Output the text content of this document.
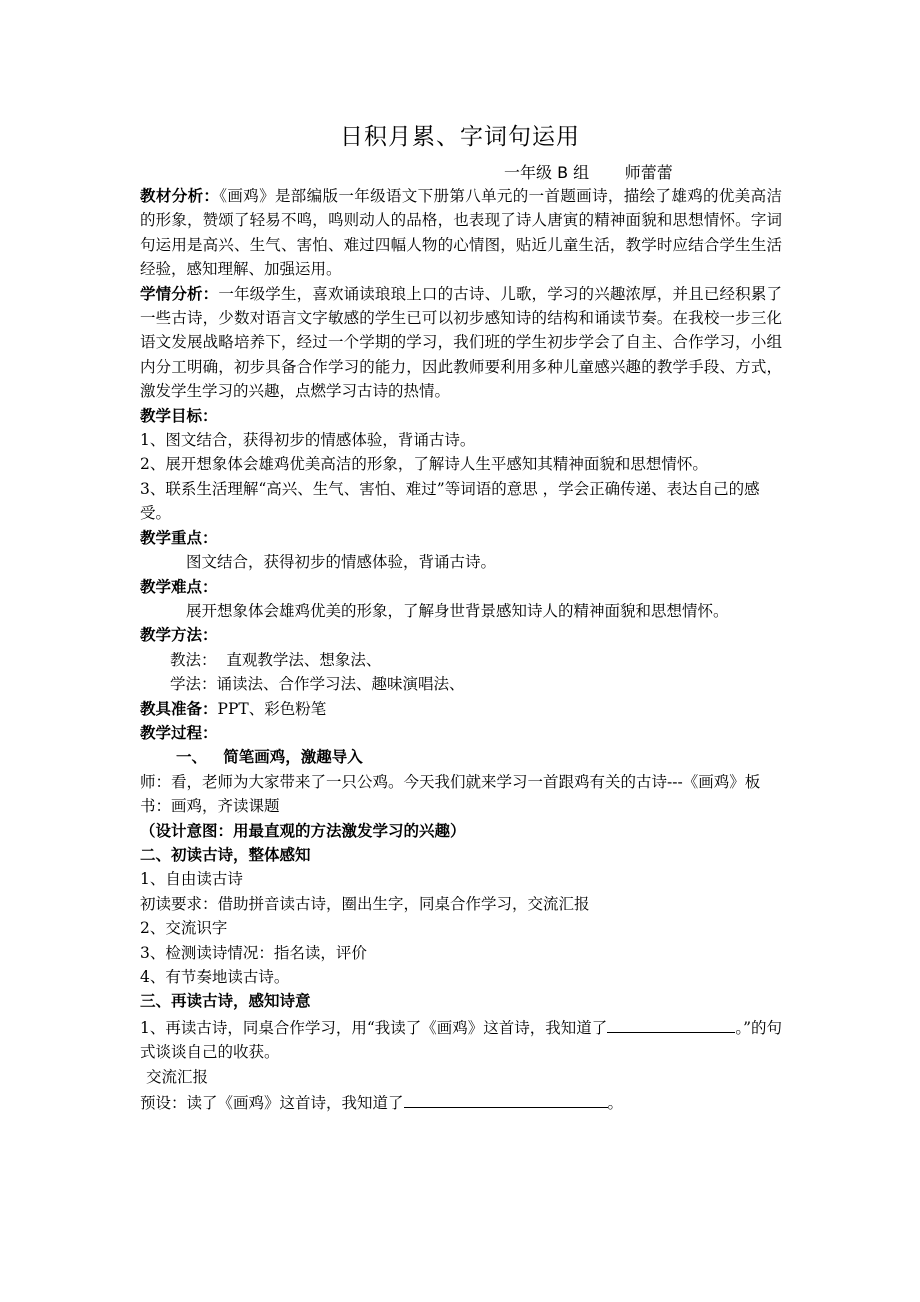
日积月累、字词句运用
一年级 B 组       师蕾蕾

教材分析：《画鸡》是部编版一年级语文下册第八单元的一首题画诗，描绘了雄鸡的优美高洁的形象，赞颂了轻易不鸣，鸣则动人的品格，也表现了诗人唐寅的精神面貌和思想情怀。字词句运用是高兴、生气、害怕、难过四幅人物的心情图，贴近儿童生活，教学时应结合学生生活经验，感知理解、加强运用。

学情分析：一年级学生，喜欢诵读琅琅上口的古诗、儿歌，学习的兴趣浓厚，并且已经积累了一些古诗，少数对语言文字敏感的学生已可以初步感知诗的结构和诵读节奏。在我校一步三化语文发展战略培养下，经过一个学期的学习，我们班的学生初步学会了自主、合作学习，小组内分工明确，初步具备合作学习的能力，因此教师要利用多种儿童感兴趣的教学手段、方式，激发学生学习的兴趣，点燃学习古诗的热情。

教学目标：

1、图文结合，获得初步的情感体验，背诵古诗。

2、展开想象体会雄鸡优美高洁的形象，了解诗人生平感知其精神面貌和思想情怀。

3、联系生活理解“高兴、生气、害怕、难过”等词语的意思 ，学会正确传递、表达自己的感受。

教学重点：

图文结合，获得初步的情感体验，背诵古诗。

教学难点：

展开想象体会雄鸡优美的形象，了解身世背景感知诗人的精神面貌和思想情怀。

教学方法：

教法：  直观教学法、想象法、

学法：诵读法、合作学习法、趣味演唱法、

教具准备：PPT、彩色粉笔

教学过程：

一、   简笔画鸡，激趣导入

师：看，老师为大家带来了一只公鸡。今天我们就来学习一首跟鸡有关的古诗---《画鸡》板书：画鸡，齐读课题

（设计意图：用最直观的方法激发学习的兴趣）

二、初读古诗，整体感知

1、自由读古诗

初读要求：借助拼音读古诗，圈出生字，同桌合作学习，交流汇报

2、交流识字

3、检测读诗情况：指名读，评价

4、有节奏地读古诗。

三、再读古诗，感知诗意

1、再读古诗，同桌合作学习，用“我读了《画鸡》这首诗，我知道了	。”的句式谈谈自己的收获。

交流汇报

预设：读了《画鸡》这首诗，我知道了	。
